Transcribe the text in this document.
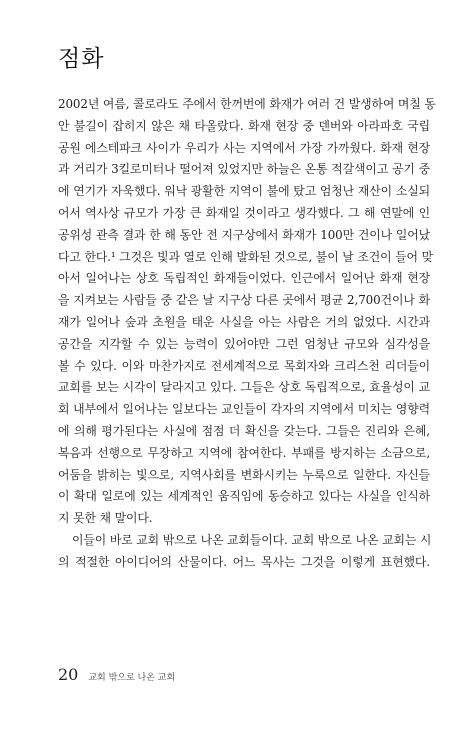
점화
2002년 여름, 콜로라도 주에서 한꺼번에 화재가 여러 건 발생하여 며칠 동
안 불길이 잡히지 않은 채 타올랐다. 화재 현장 중 덴버와 아라파호 국립
공원 에스테파크 사이가 우리가 사는 지역에서 가장 가까웠다. 화재 현장
과 거리가 3킬로미터나 떨어져 있었지만 하늘은 온통 적갈색이고 공기 중
에 연기가 자욱했다. 워낙 광활한 지역이 불에 탔고 엄청난 재산이 소실되
어서 역사상 규모가 가장 큰 화재일 것이라고 생각했다. 그 해 연말에 인
공위성 관측 결과 한 해 동안 전 지구상에서 화재가 100만 건이나 일어났
다고 한다.¹ 그것은 빛과 열로 인해 발화된 것으로, 불이 날 조건이 들어 맞
아서 일어나는 상호 독립적인 화재들이었다. 인근에서 일어난 화재 현장
을 지켜보는 사람들 중 같은 날 지구상 다른 곳에서 평균 2,700건이나 화
재가 일어나 숲과 초원을 태운 사실을 아는 사람은 거의 없었다. 시간과
공간을 지각할 수 있는 능력이 있어야만 그런 엄청난 규모와 심각성을
볼 수 있다. 이와 마찬가지로 전세계적으로 목회자와 크리스천 리더들이
교회를 보는 시각이 달라지고 있다. 그들은 상호 독립적으로, 효율성이 교
회 내부에서 일어나는 일보다는 교인들이 각자의 지역에서 미치는 영향력
에 의해 평가된다는 사실에 점점 더 확신을 갖는다. 그들은 진리와 은혜,
복음과 선행으로 무장하고 지역에 참여한다. 부패를 방지하는 소금으로,
어둠을 밝히는 빛으로, 지역사회를 변화시키는 누룩으로 일한다. 자신들
이 확대 일로에 있는 세계적인 움직임에 동승하고 있다는 사실을 인식하
지 못한 채 말이다.
이들이 바로 교회 밖으로 나온 교회들이다. 교회 밖으로 나온 교회는 시
의 적절한 아이디어의 산물이다. 어느 목사는 그것을 이렇게 표현했다.
20 교회 밖으로 나온 교회
